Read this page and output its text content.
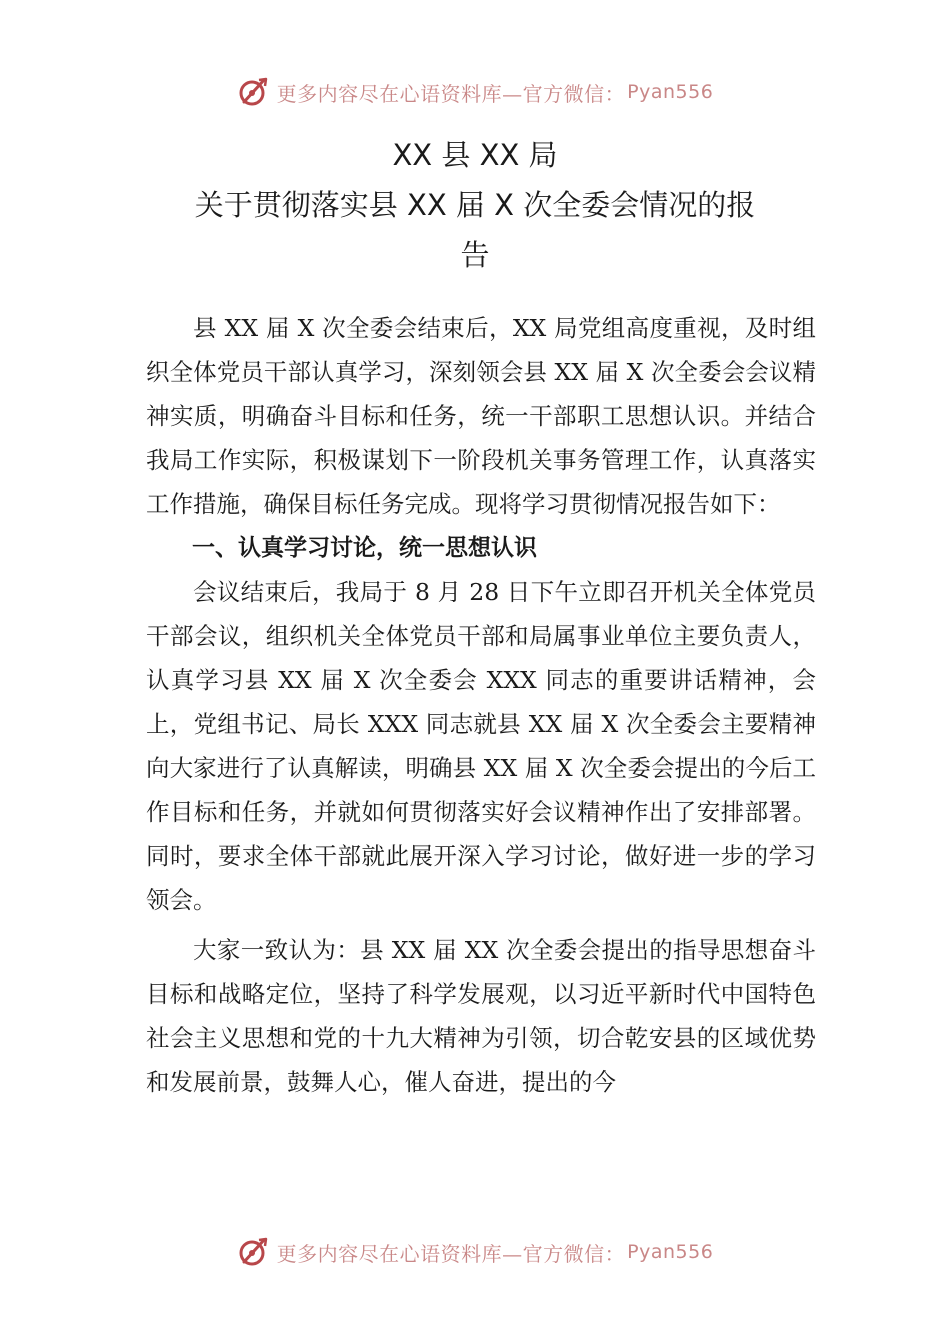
更多内容尽在心语资料库—官方微信： Pyan556
XX 县 XX 局
关于贯彻落实县 XX 届 X 次全委会情况的报
告

县 XX 届 X 次全委会结束后，XX 局党组高度重视，及时组织全体党员干部认真学习，深刻领会县 XX 届 X 次全委会会议精神实质，明确奋斗目标和任务，统一干部职工思想认识。并结合我局工作实际，积极谋划下一阶段机关事务管理工作，认真落实工作措施，确保目标任务完成。现将学习贯彻情况报告如下：

一、认真学习讨论，统一思想认识

会议结束后，我局于 8 月 28 日下午立即召开机关全体党员干部会议，组织机关全体党员干部和局属事业单位主要负责人，认真学习县 XX 届 X 次全委会 XXX 同志的重要讲话精神，会上，党组书记、局长 XXX 同志就县 XX 届 X 次全委会主要精神向大家进行了认真解读，明确县 XX 届 X 次全委会提出的今后工作目标和任务，并就如何贯彻落实好会议精神作出了安排部署。同时，要求全体干部就此展开深入学习讨论，做好进一步的学习领会。

大家一致认为：县 XX 届 XX 次全委会提出的指导思想奋斗目标和战略定位，坚持了科学发展观，以习近平新时代中国特色社会主义思想和党的十九大精神为引领，切合乾安县的区域优势和发展前景，鼓舞人心，催人奋进，提出的今

更多内容尽在心语资料库—官方微信： Pyan556
